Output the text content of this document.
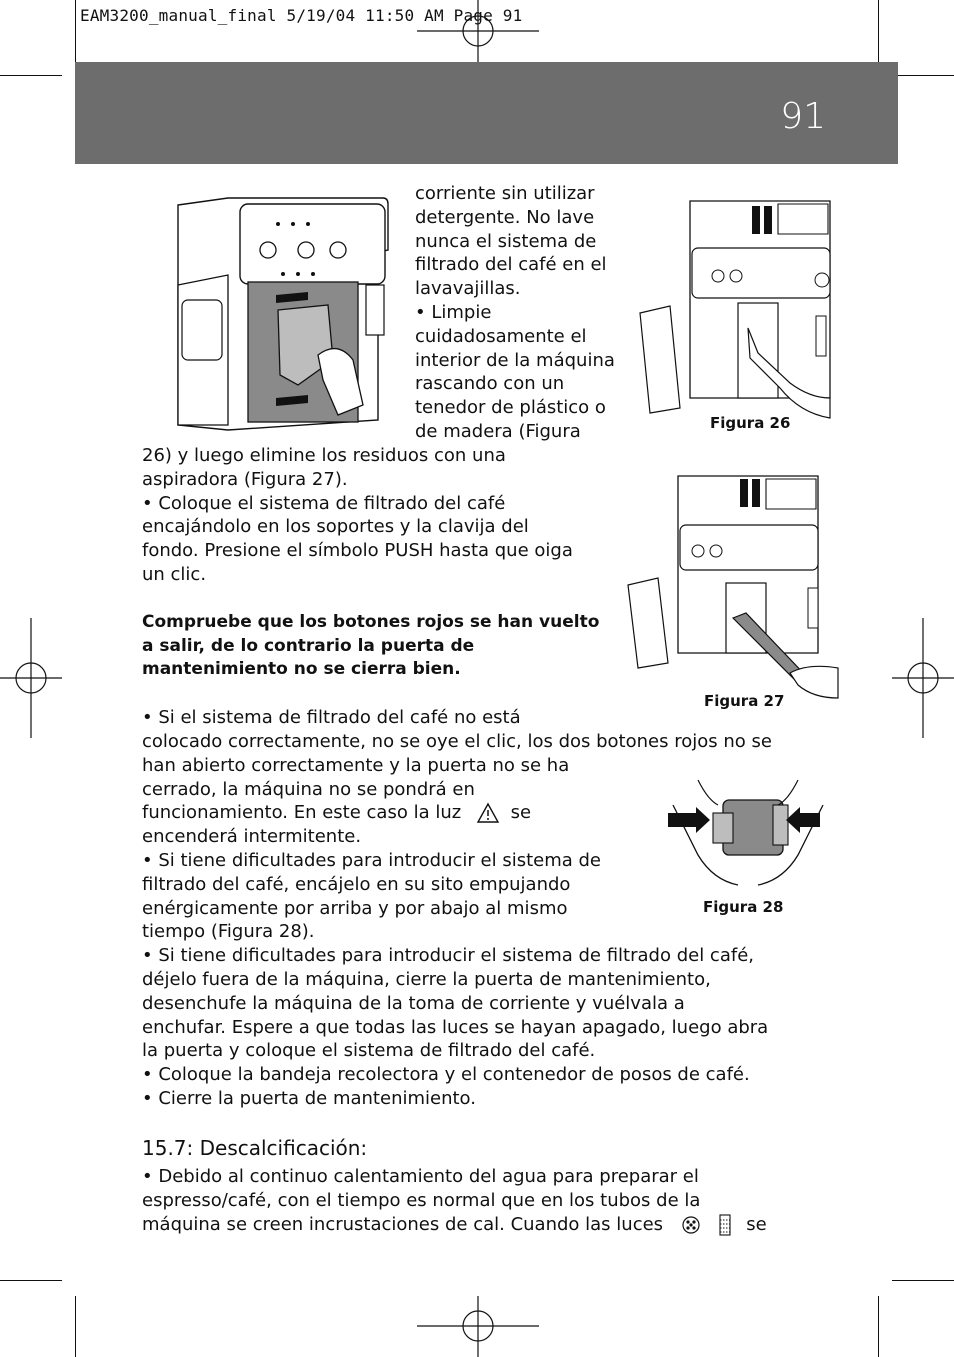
EAM3200_manual_final 5/19/04 11:50 AM Page 91
91
Figura 26
Figura 27
Figura 28
corriente sin utilizar
detergente. No lave
nunca el sistema de
filtrado del café en el
lavavajillas.
• Limpie
cuidadosamente el
interior de la máquina
rascando con un
tenedor de plástico o
de madera (Figura
26) y luego elimine los residuos con una
aspiradora (Figura 27).
• Coloque el sistema de filtrado del café
encajándolo en los soportes y la clavija del
fondo. Presione el símbolo PUSH hasta que oiga
un clic.
Compruebe que los botones rojos se han vuelto
a salir, de lo contrario la puerta de
mantenimiento no se cierra bien.
• Si el sistema de filtrado del café no está
colocado correctamente, no se oye el clic, los dos botones rojos no se
han abierto correctamente y la puerta no se ha
cerrado, la máquina no se pondrá en
funcionamiento. En este caso la luz	se
encenderá intermitente.
• Si tiene dificultades para introducir el sistema de
filtrado del café, encájelo en su sito empujando
enérgicamente por arriba y por abajo al mismo
tiempo (Figura 28).
• Si tiene dificultades para introducir el sistema de filtrado del café,
déjelo fuera de la máquina, cierre la puerta de mantenimiento,
desenchufe la máquina de la toma de corriente y vuélvala a
enchufar. Espere a que todas las luces se hayan apagado, luego abra
la puerta y coloque el sistema de filtrado del café.
• Coloque la bandeja recolectora y el contenedor de posos de café.
• Cierre la puerta de mantenimiento.
15.7: Descalcificación:
• Debido al continuo calentamiento del agua para preparar el
espresso/café, con el tiempo es normal que en los tubos de la
máquina se creen incrustaciones de cal. Cuando las luces	se
